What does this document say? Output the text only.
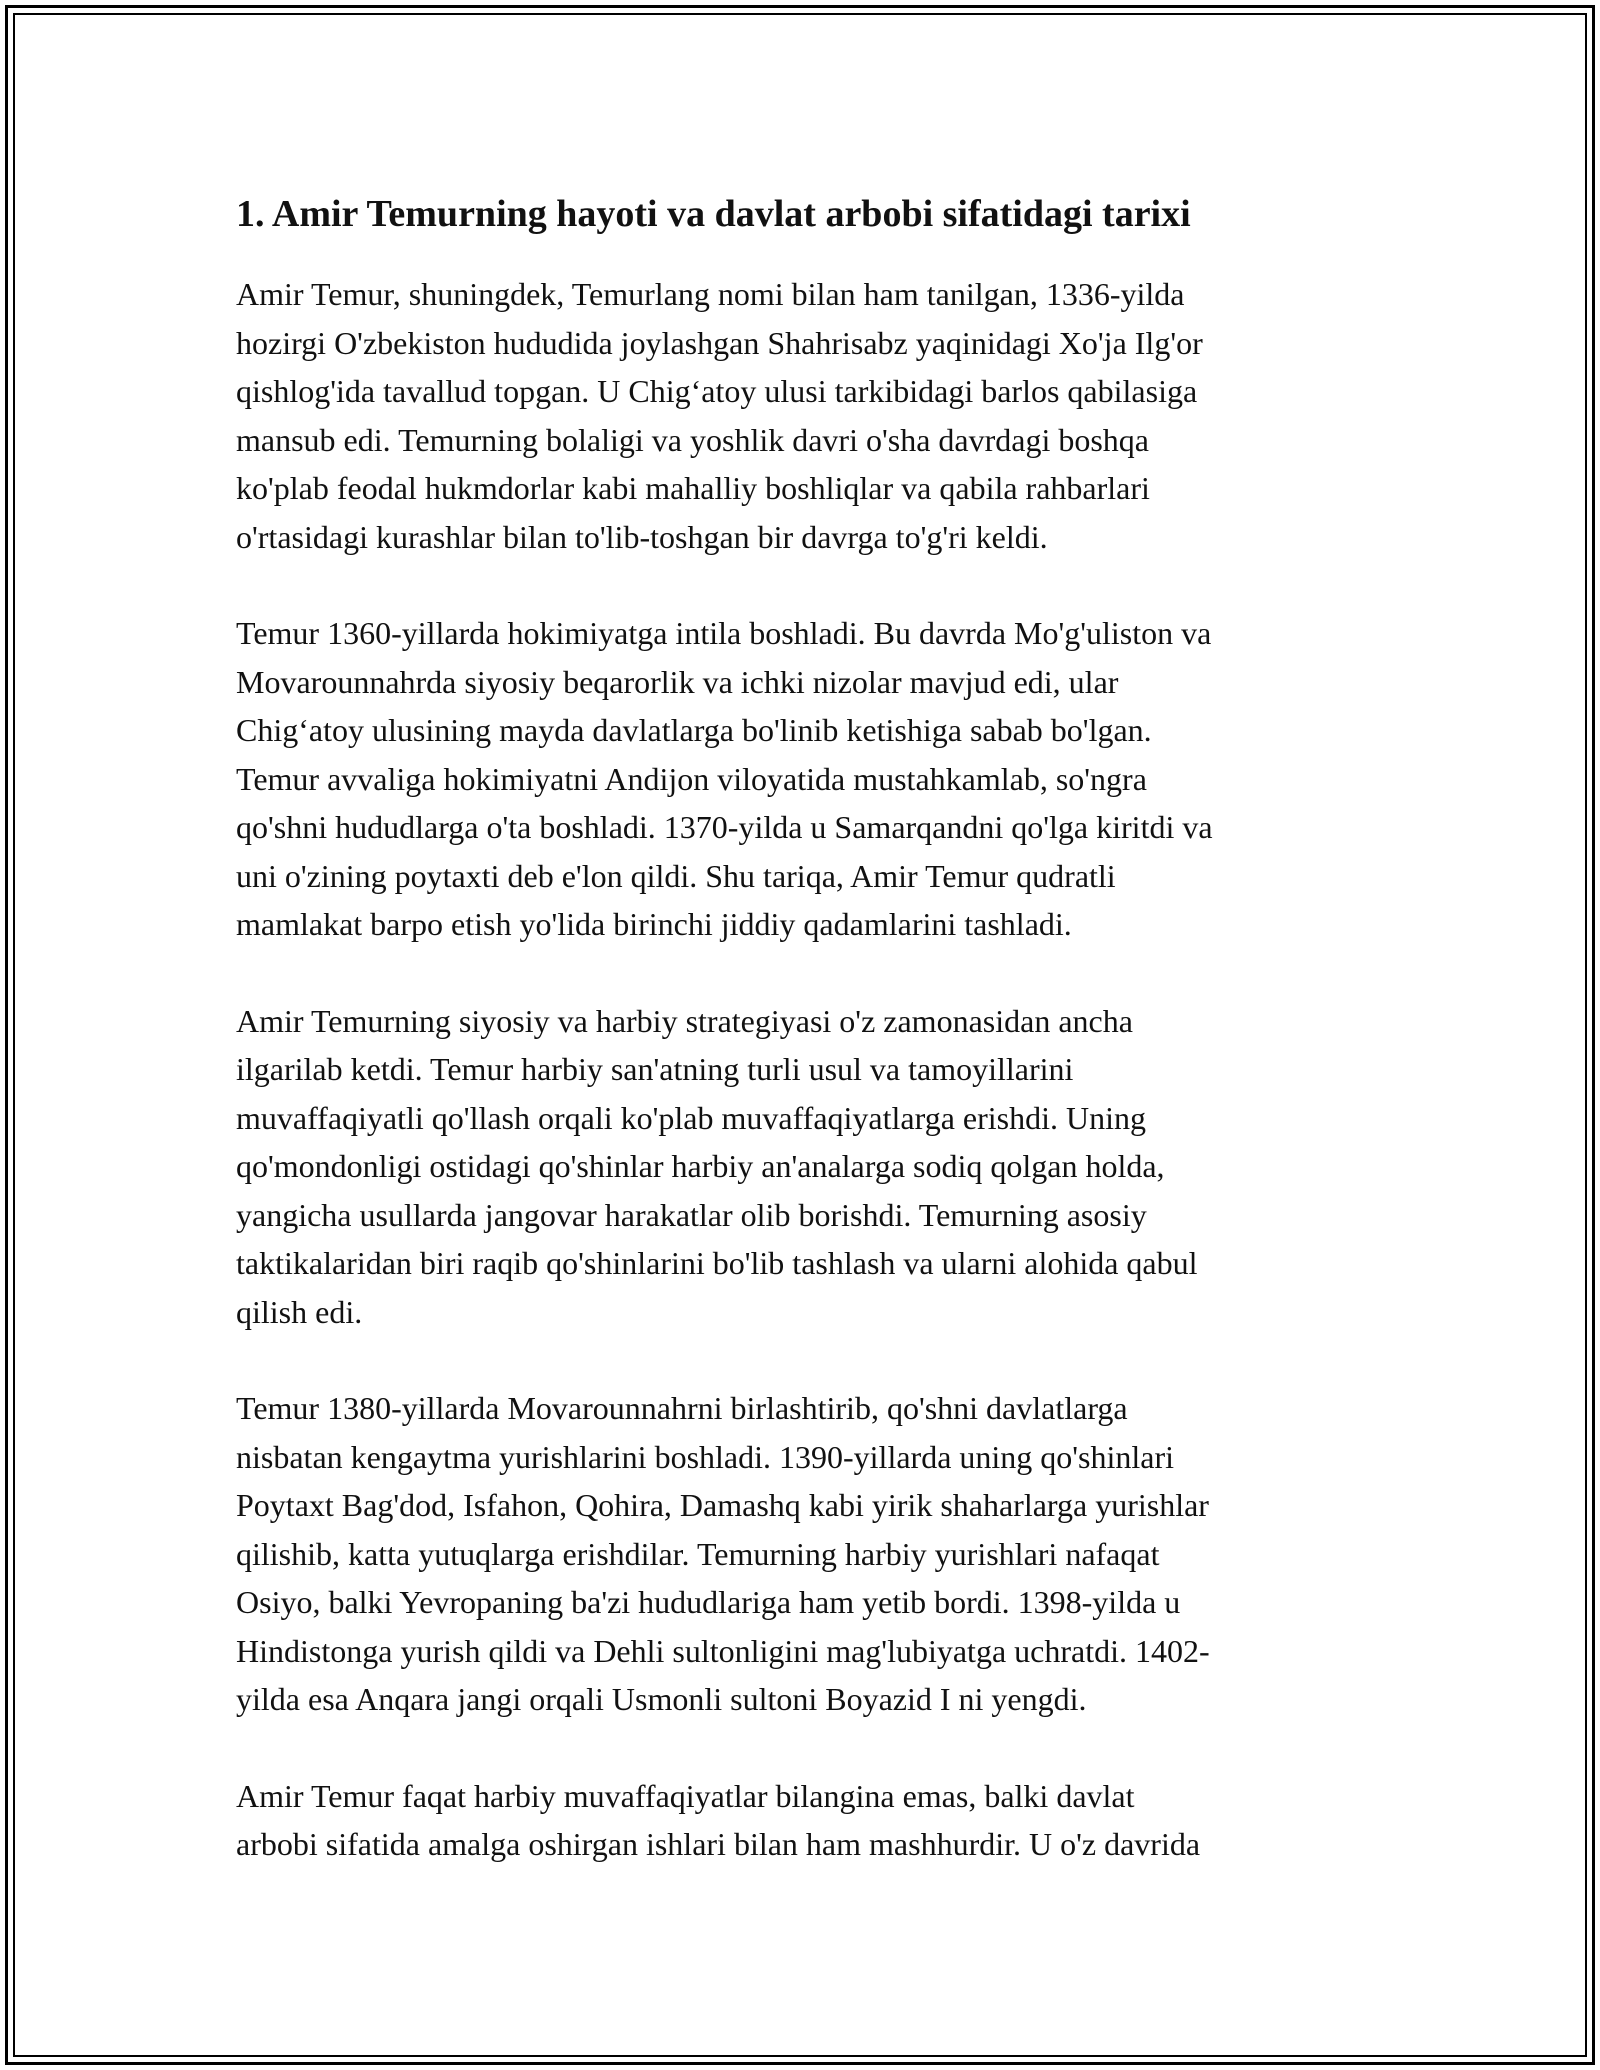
1. Amir Temurning hayoti va davlat arbobi sifatidagi tarixi

Amir Temur, shuningdek, Temurlang nomi bilan ham tanilgan, 1336-yilda
hozirgi O'zbekiston hududida joylashgan Shahrisabz yaqinidagi Xo'ja Ilg'or
qishlog'ida tavallud topgan. U Chig‘atoy ulusi tarkibidagi barlos qabilasiga
mansub edi. Temurning bolaligi va yoshlik davri o'sha davrdagi boshqa
ko'plab feodal hukmdorlar kabi mahalliy boshliqlar va qabila rahbarlari
o'rtasidagi kurashlar bilan to'lib-toshgan bir davrga to'g'ri keldi.

Temur 1360-yillarda hokimiyatga intila boshladi. Bu davrda Mo'g'uliston va
Movarounnahrda siyosiy beqarorlik va ichki nizolar mavjud edi, ular
Chig‘atoy ulusining mayda davlatlarga bo'linib ketishiga sabab bo'lgan.
Temur avvaliga hokimiyatni Andijon viloyatida mustahkamlab, so'ngra
qo'shni hududlarga o'ta boshladi. 1370-yilda u Samarqandni qo'lga kiritdi va
uni o'zining poytaxti deb e'lon qildi. Shu tariqa, Amir Temur qudratli
mamlakat barpo etish yo'lida birinchi jiddiy qadamlarini tashladi.

Amir Temurning siyosiy va harbiy strategiyasi o'z zamonasidan ancha
ilgarilab ketdi. Temur harbiy san'atning turli usul va tamoyillarini
muvaffaqiyatli qo'llash orqali ko'plab muvaffaqiyatlarga erishdi. Uning
qo'mondonligi ostidagi qo'shinlar harbiy an'analarga sodiq qolgan holda,
yangicha usullarda jangovar harakatlar olib borishdi. Temurning asosiy
taktikalaridan biri raqib qo'shinlarini bo'lib tashlash va ularni alohida qabul
qilish edi.

Temur 1380-yillarda Movarounnahrni birlashtirib, qo'shni davlatlarga
nisbatan kengaytma yurishlarini boshladi. 1390-yillarda uning qo'shinlari
Poytaxt Bag'dod, Isfahon, Qohira, Damashq kabi yirik shaharlarga yurishlar
qilishib, katta yutuqlarga erishdilar. Temurning harbiy yurishlari nafaqat
Osiyo, balki Yevropaning ba'zi hududlariga ham yetib bordi. 1398-yilda u
Hindistonga yurish qildi va Dehli sultonligini mag'lubiyatga uchratdi. 1402-
yilda esa Anqara jangi orqali Usmonli sultoni Boyazid I ni yengdi.

Amir Temur faqat harbiy muvaffaqiyatlar bilangina emas, balki davlat
arbobi sifatida amalga oshirgan ishlari bilan ham mashhurdir. U o'z davrida
